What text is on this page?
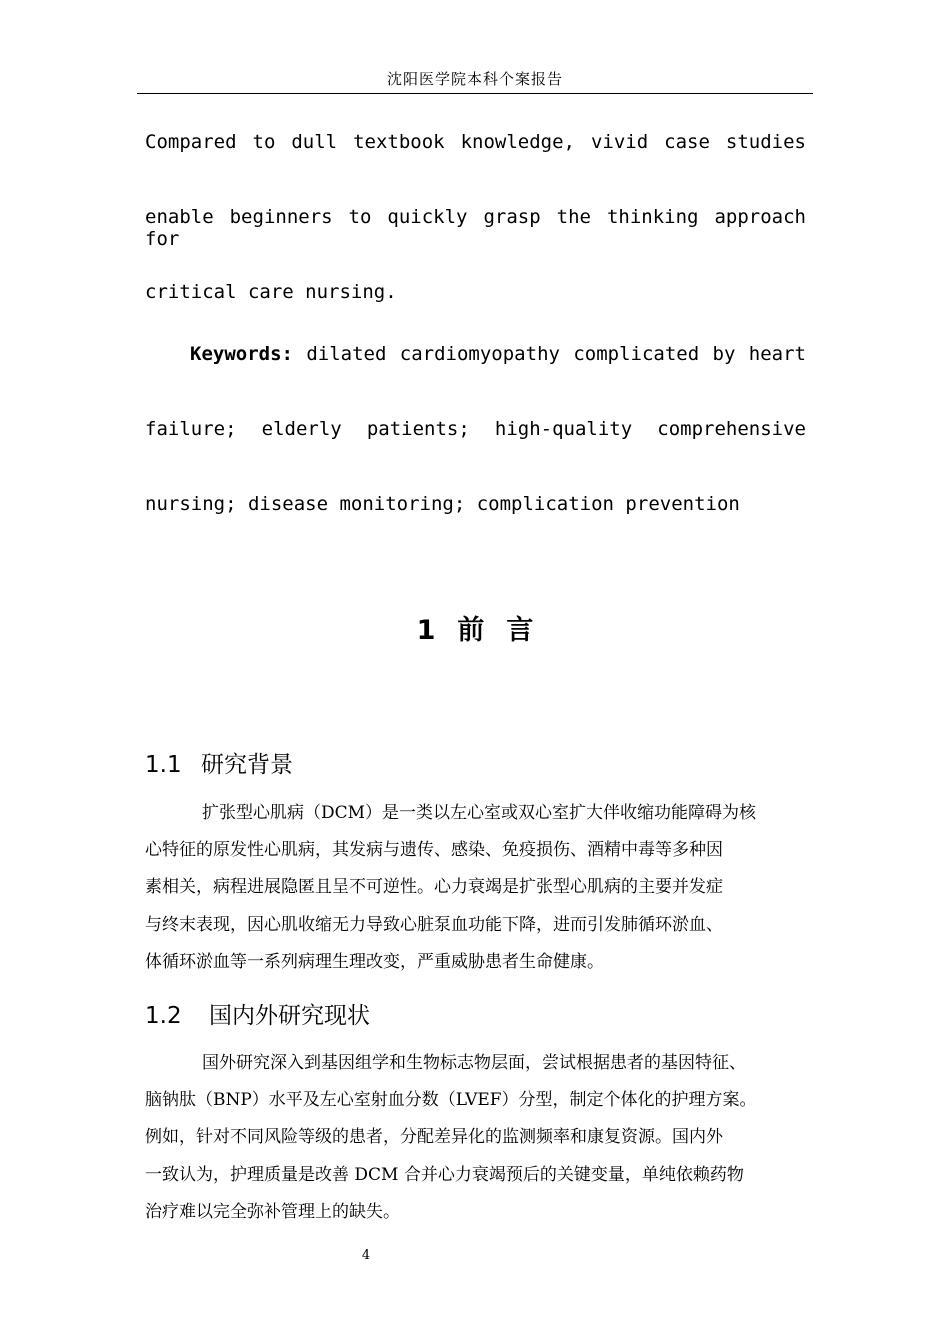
沈阳医学院本科个案报告
Compared to dull textbook knowledge, vivid case studies
enable beginners to quickly grasp the thinking approach for
critical care nursing.
Keywords: dilated cardiomyopathy complicated by heart
failure; elderly patients; high-quality comprehensive
nursing; disease monitoring; complication prevention
1 前 言
1.1 研究背景
扩张型心肌病（DCM）是一类以左心室或双心室扩大伴收缩功能障碍为核
心特征的原发性心肌病，其发病与遗传、感染、免疫损伤、酒精中毒等多种因
素相关，病程进展隐匿且呈不可逆性。心力衰竭是扩张型心肌病的主要并发症
与终末表现，因心肌收缩无力导致心脏泵血功能下降，进而引发肺循环淤血、
体循环淤血等一系列病理生理改变，严重威胁患者生命健康。
1.2 国内外研究现状
国外研究深入到基因组学和生物标志物层面，尝试根据患者的基因特征、
脑钠肽（BNP）水平及左心室射血分数（LVEF）分型，制定个体化的护理方案。
例如，针对不同风险等级的患者，分配差异化的监测频率和康复资源。国内外
一致认为，护理质量是改善 DCM 合并心力衰竭预后的关键变量，单纯依赖药物
治疗难以完全弥补管理上的缺失。
4
